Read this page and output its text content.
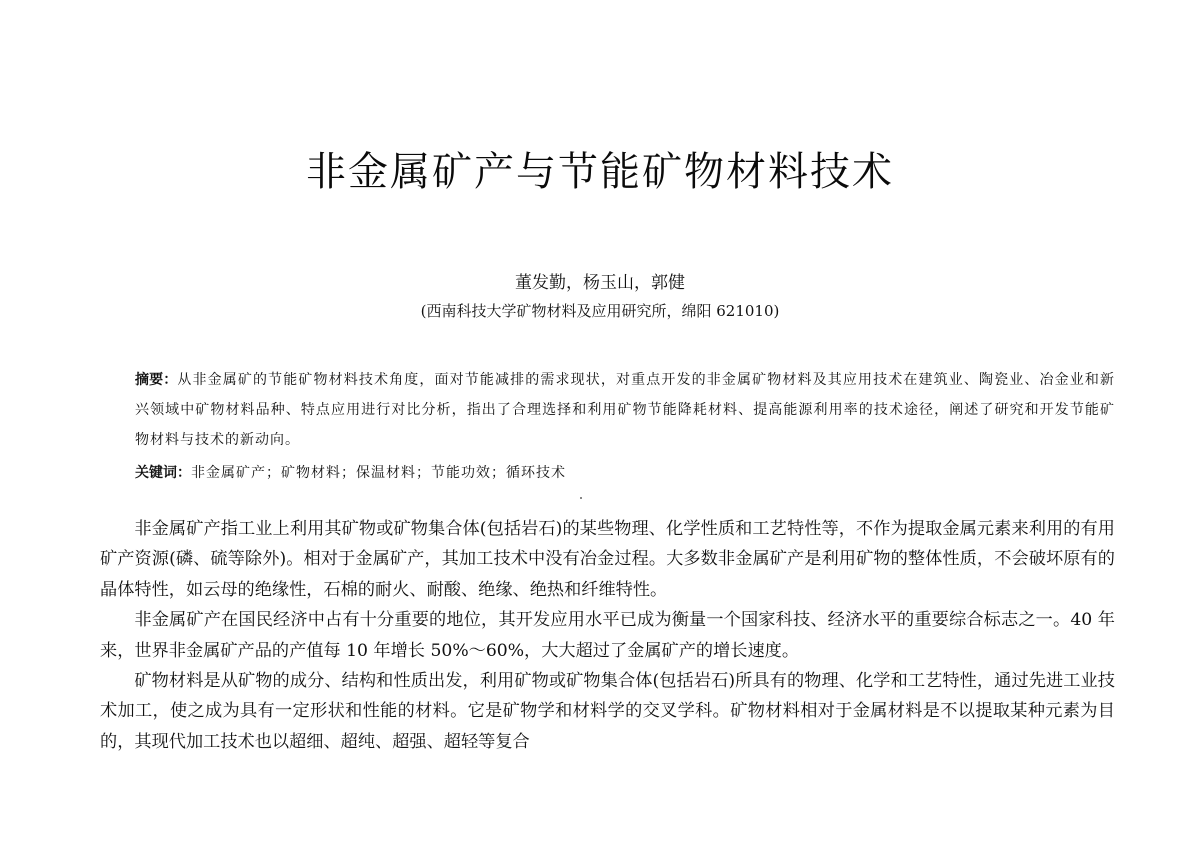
非金属矿产与节能矿物材料技术
董发勤，杨玉山，郭健
(西南科技大学矿物材料及应用研究所，绵阳 621010)
摘要：从非金属矿的节能矿物材料技术角度，面对节能减排的需求现状，对重点开发的非金属矿物材料及其应用技术在建筑业、陶瓷业、冶金业和新兴领域中矿物材料品种、特点应用进行对比分析，指出了合理选择和利用矿物节能降耗材料、提高能源利用率的技术途径，阐述了研究和开发节能矿物材料与技术的新动向。
关键词：非金属矿产；矿物材料；保温材料；节能功效；循环技术

非金属矿产指工业上利用其矿物或矿物集合体(包括岩石)的某些物理、化学性质和工艺特性等，不作为提取金属元素来利用的有用矿产资源(磷、硫等除外)。相对于金属矿产，其加工技术中没有冶金过程。大多数非金属矿产是利用矿物的整体性质，不会破坏原有的晶体特性，如云母的绝缘性，石棉的耐火、耐酸、绝缘、绝热和纤维特性。

非金属矿产在国民经济中占有十分重要的地位，其开发应用水平已成为衡量一个国家科技、经济水平的重要综合标志之一。40 年来，世界非金属矿产品的产值每 10 年增长 50%～60%，大大超过了金属矿产的增长速度。

矿物材料是从矿物的成分、结构和性质出发，利用矿物或矿物集合体(包括岩石)所具有的物理、化学和工艺特性，通过先进工业技术加工，使之成为具有一定形状和性能的材料。它是矿物学和材料学的交叉学科。矿物材料相对于金属材料是不以提取某种元素为目的，其现代加工技术也以超细、超纯、超强、超轻等复合
